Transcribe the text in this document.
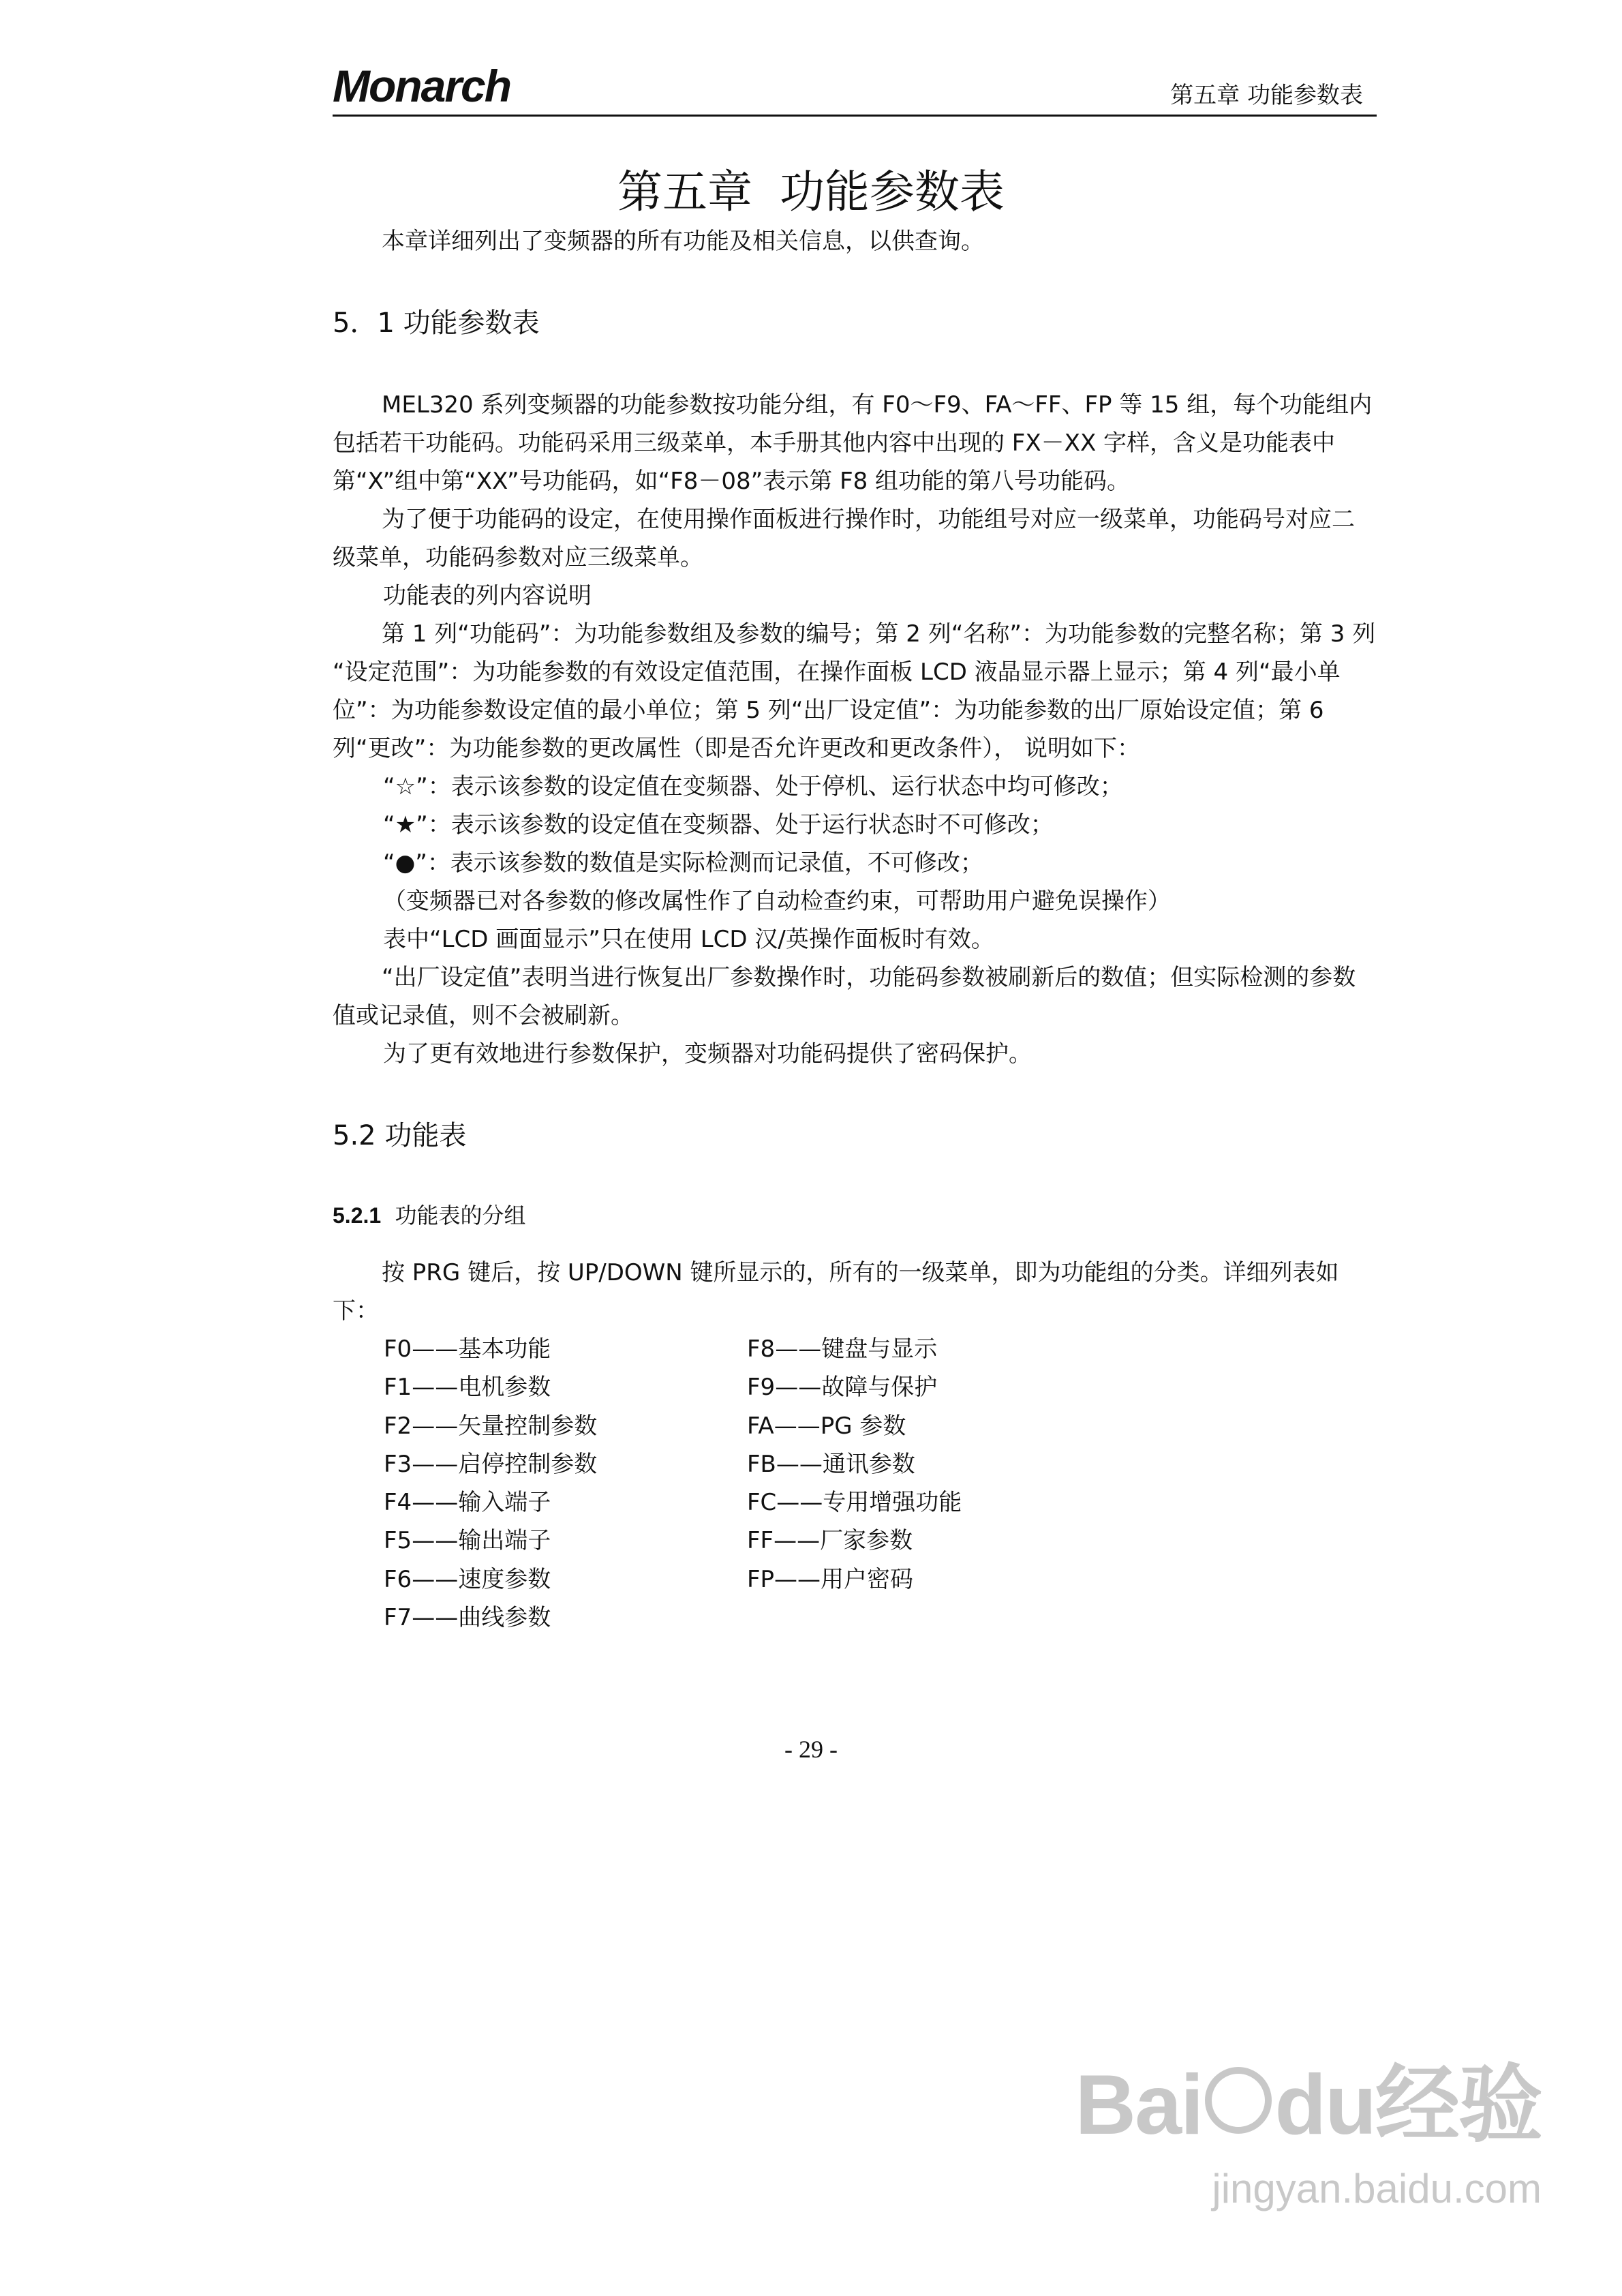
Monarch	第五章 功能参数表
第五章 功能参数表
本章详细列出了变频器的所有功能及相关信息，以供查询。
5．1 功能参数表
MEL320 系列变频器的功能参数按功能分组，有 F0～F9、FA～FF、FP 等 15 组，每个功能组内包括若干功能码。功能码采用三级菜单，本手册其他内容中出现的 FX－XX 字样，含义是功能表中第“X”组中第“XX”号功能码，如“F8－08”表示第 F8 组功能的第八号功能码。
为了便于功能码的设定，在使用操作面板进行操作时，功能组号对应一级菜单，功能码号对应二级菜单，功能码参数对应三级菜单。
功能表的列内容说明
第 1 列“功能码”：为功能参数组及参数的编号；第 2 列“名称”：为功能参数的完整名称；第 3 列 “设定范围”：为功能参数的有效设定值范围，在操作面板 LCD 液晶显示器上显示；第 4 列“最小单位”：为功能参数设定值的最小单位；第 5 列“出厂设定值”：为功能参数的出厂原始设定值；第 6 列“更改”：为功能参数的更改属性（即是否允许更改和更改条件）， 说明如下：
“☆”：表示该参数的设定值在变频器、处于停机、运行状态中均可修改；
“★”：表示该参数的设定值在变频器、处于运行状态时不可修改；
“●”：表示该参数的数值是实际检测而记录值，不可修改；
（变频器已对各参数的修改属性作了自动检查约束，可帮助用户避免误操作）
表中“LCD 画面显示”只在使用 LCD 汉/英操作面板时有效。
“出厂设定值”表明当进行恢复出厂参数操作时，功能码参数被刷新后的数值；但实际检测的参数值或记录值，则不会被刷新。
为了更有效地进行参数保护，变频器对功能码提供了密码保护。
5.2 功能表
5.2.1 功能表的分组
按 PRG 键后，按 UP/DOWN 键所显示的，所有的一级菜单，即为功能组的分类。详细列表如下：
F0——基本功能
F1——电机参数
F2——矢量控制参数
F3——启停控制参数
F4——输入端子
F5——输出端子
F6——速度参数
F7——曲线参数
F8——键盘与显示
F9——故障与保护
FA——PG 参数
FB——通讯参数
FC——专用增强功能
FF——厂家参数
FP——用户密码
- 29 -
Bai du经验
jingyan.baidu.com
